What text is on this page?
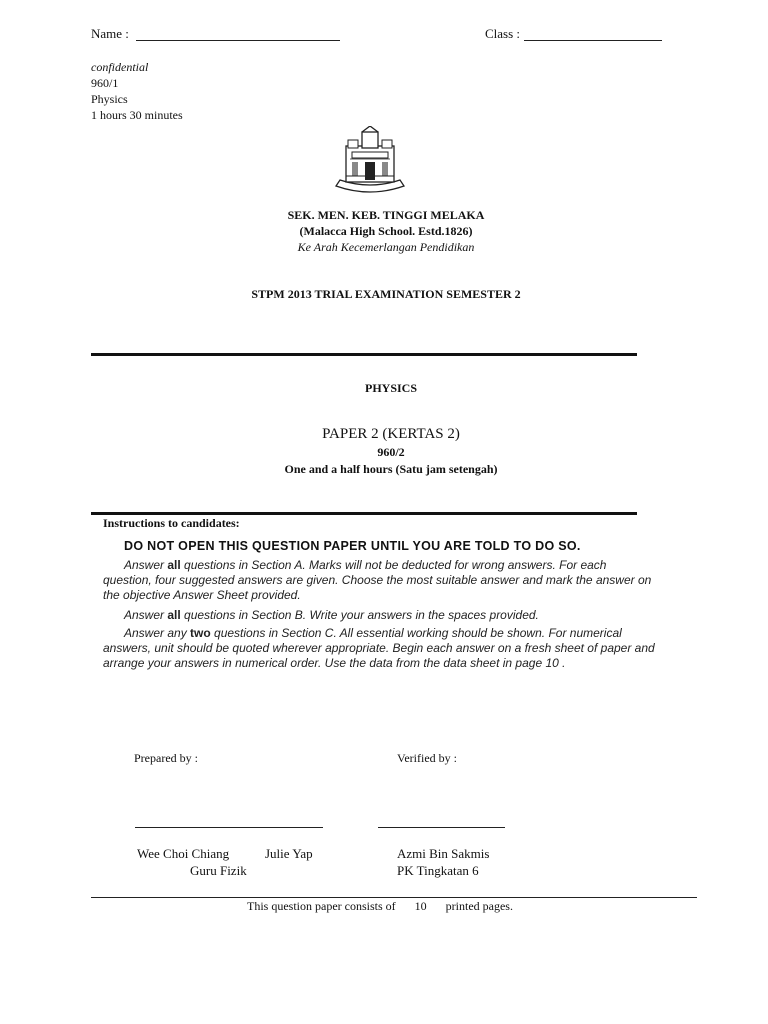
Name :	Class :
confidential
960/1
Physics
1 hours 30 minutes
SEK. MEN. KEB. TINGGI MELAKA
(Malacca High School. Estd.1826)
Ke Arah Kecemerlangan Pendidikan
STPM 2013 TRIAL EXAMINATION SEMESTER 2
PHYSICS
PAPER 2 (KERTAS 2)
960/2
One and a half hours (Satu jam setengah)
Instructions to candidates:
DO NOT OPEN THIS QUESTION PAPER UNTIL YOU ARE TOLD TO DO SO.
Answer all questions in Section A. Marks will not be deducted for wrong answers. For each question, four suggested answers are given. Choose the most suitable answer and mark the answer on the objective Answer Sheet provided.
Answer all questions in Section B. Write your answers in the spaces provided.
Answer any two questions in Section C. All essential working should be shown. For numerical answers, unit should be quoted wherever appropriate. Begin each answer on a fresh sheet of paper and arrange your answers in numerical order. Use the data from the data sheet in page 10 .
Prepared by :	Verified by :
Wee Choi Chiang	Julie Yap
Guru Fizik
Azmi Bin Sakmis
PK Tingkatan 6
This question paper consists of 10 printed pages.
